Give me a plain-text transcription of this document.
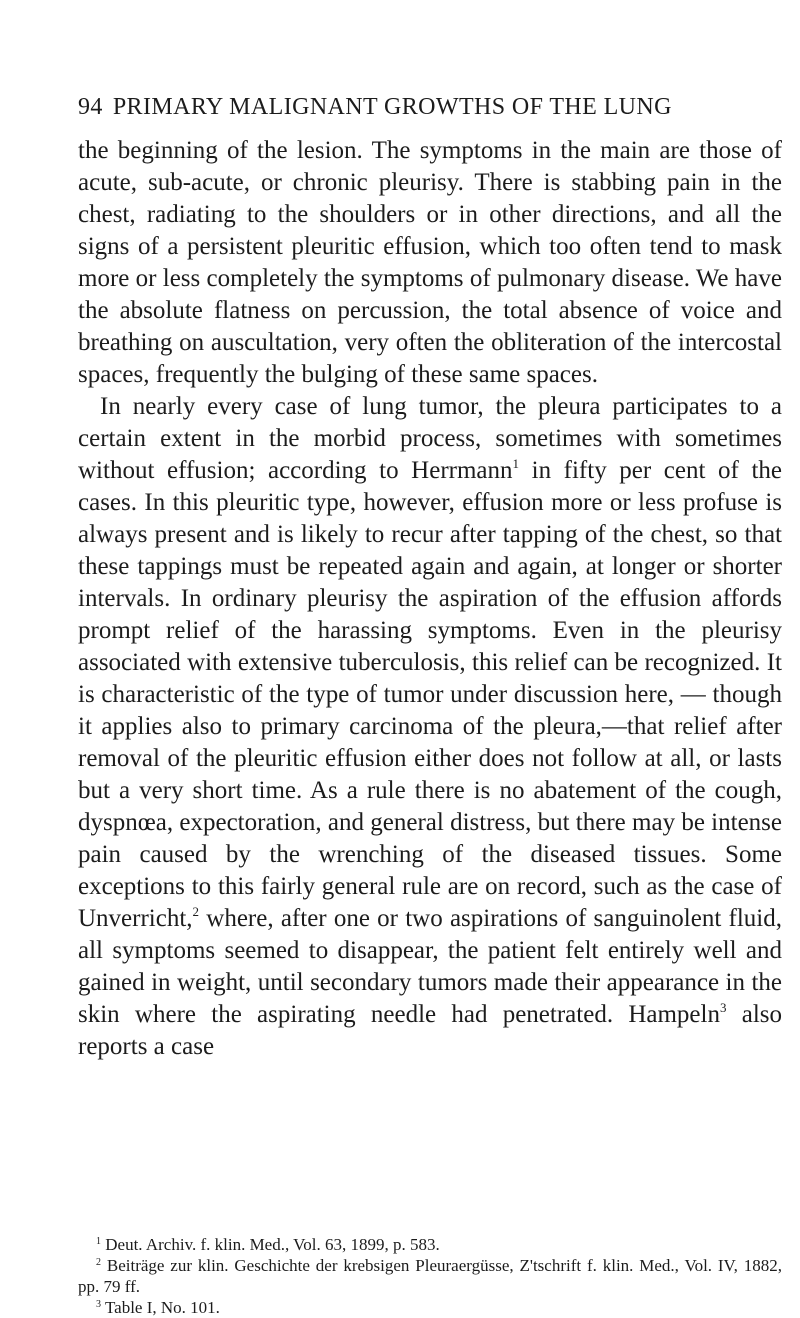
94 PRIMARY MALIGNANT GROWTHS OF THE LUNG

the beginning of the lesion. The symptoms in the main are those of acute, sub-acute, or chronic pleurisy. There is stabbing pain in the chest, radiating to the shoulders or in other directions, and all the signs of a persistent pleuritic effusion, which too often tend to mask more or less completely the symptoms of pulmonary disease. We have the absolute flatness on percussion, the total absence of voice and breathing on auscultation, very often the obliteration of the intercostal spaces, frequently the bulging of these same spaces.

In nearly every case of lung tumor, the pleura participates to a certain extent in the morbid process, sometimes with sometimes without effusion; according to Herrmann$^1$ in fifty per cent of the cases. In this pleuritic type, however, effusion more or less profuse is always present and is likely to recur after tapping of the chest, so that these tappings must be repeated again and again, at longer or shorter intervals. In ordinary pleurisy the aspiration of the effusion affords prompt relief of the harassing symptoms. Even in the pleurisy associated with extensive tuberculosis, this relief can be recognized. It is characteristic of the type of tumor under discussion here, — though it applies also to primary carcinoma of the pleura,—that relief after removal of the pleuritic effusion either does not follow at all, or lasts but a very short time. As a rule there is no abatement of the cough, dyspnœa, expectoration, and general distress, but there may be intense pain caused by the wrenching of the diseased tissues. Some exceptions to this fairly general rule are on record, such as the case of Unverricht,$^2$ where, after one or two aspirations of sanguinolent fluid, all symptoms seemed to disappear, the patient felt entirely well and gained in weight, until secondary tumors made their appearance in the skin where the aspirating needle had penetrated. Hampeln$^3$ also reports a case

$^1$ Deut. Archiv. f. klin. Med., Vol. 63, 1899, p. 583.
$^2$ Beiträge zur klin. Geschichte der krebsigen Pleuraergüsse, Z'tschrift f. klin. Med., Vol. IV, 1882, pp. 79 ff.
$^3$ Table I, No. 101.
